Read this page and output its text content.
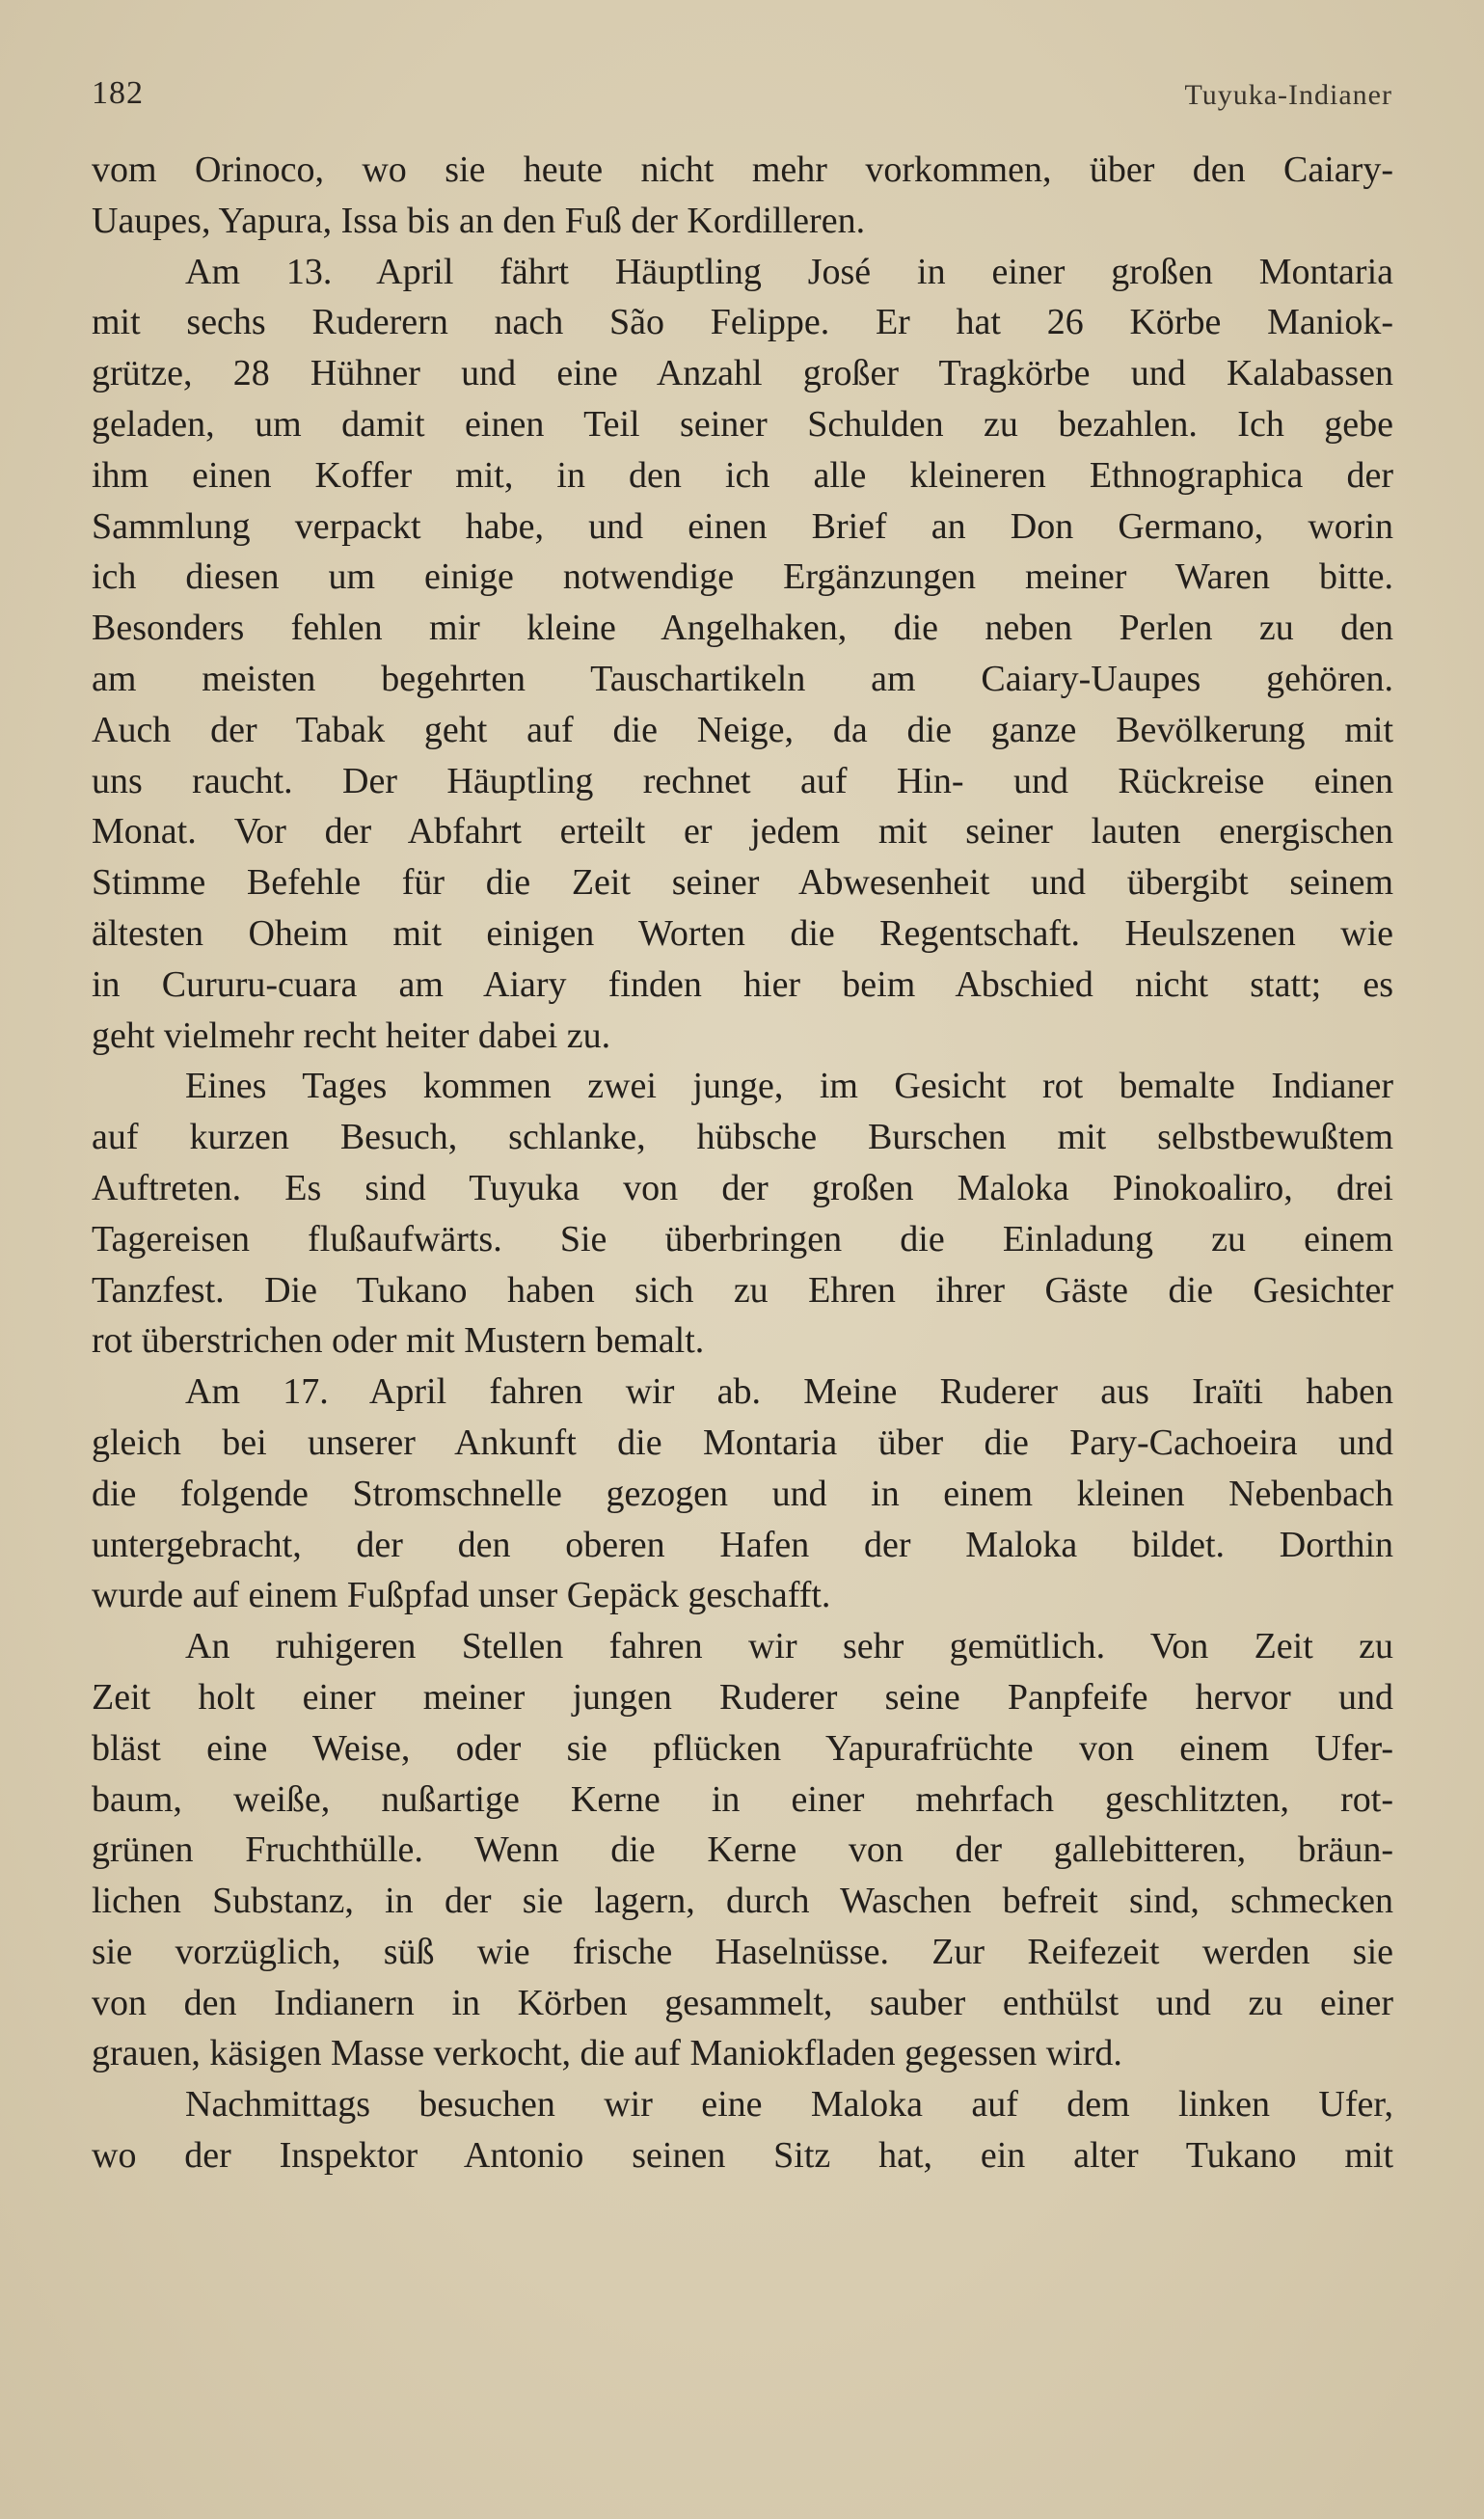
182	Tuyuka-Indianer
vom Orinoco, wo sie heute nicht mehr vorkommen, über den Caiary-
Uaupes, Yapura, Issa bis an den Fuß der Kordilleren.
Am 13. April fährt Häuptling José in einer großen Montaria
mit sechs Ruderern nach São Felippe. Er hat 26 Körbe Maniok-
grütze, 28 Hühner und eine Anzahl großer Tragkörbe und Kalabassen
geladen, um damit einen Teil seiner Schulden zu bezahlen. Ich gebe
ihm einen Koffer mit, in den ich alle kleineren Ethnographica der
Sammlung verpackt habe, und einen Brief an Don Germano, worin
ich diesen um einige notwendige Ergänzungen meiner Waren bitte.
Besonders fehlen mir kleine Angelhaken, die neben Perlen zu den
am meisten begehrten Tauschartikeln am Caiary-Uaupes gehören.
Auch der Tabak geht auf die Neige, da die ganze Bevölkerung mit
uns raucht. Der Häuptling rechnet auf Hin- und Rückreise einen
Monat. Vor der Abfahrt erteilt er jedem mit seiner lauten energischen
Stimme Befehle für die Zeit seiner Abwesenheit und übergibt seinem
ältesten Oheim mit einigen Worten die Regentschaft. Heulszenen wie
in Cururu-cuara am Aiary finden hier beim Abschied nicht statt; es
geht vielmehr recht heiter dabei zu.
Eines Tages kommen zwei junge, im Gesicht rot bemalte Indianer
auf kurzen Besuch, schlanke, hübsche Burschen mit selbstbewußtem
Auftreten. Es sind Tuyuka von der großen Maloka Pinokoaliro, drei
Tagereisen flußaufwärts. Sie überbringen die Einladung zu einem
Tanzfest. Die Tukano haben sich zu Ehren ihrer Gäste die Gesichter
rot überstrichen oder mit Mustern bemalt.
Am 17. April fahren wir ab. Meine Ruderer aus Iraïti haben
gleich bei unserer Ankunft die Montaria über die Pary-Cachoeira und
die folgende Stromschnelle gezogen und in einem kleinen Nebenbach
untergebracht, der den oberen Hafen der Maloka bildet. Dorthin
wurde auf einem Fußpfad unser Gepäck geschafft.
An ruhigeren Stellen fahren wir sehr gemütlich. Von Zeit zu
Zeit holt einer meiner jungen Ruderer seine Panpfeife hervor und
bläst eine Weise, oder sie pflücken Yapurafrüchte von einem Ufer-
baum, weiße, nußartige Kerne in einer mehrfach geschlitzten, rot-
grünen Fruchthülle. Wenn die Kerne von der gallebitteren, bräun-
lichen Substanz, in der sie lagern, durch Waschen befreit sind, schmecken
sie vorzüglich, süß wie frische Haselnüsse. Zur Reifezeit werden sie
von den Indianern in Körben gesammelt, sauber enthülst und zu einer
grauen, käsigen Masse verkocht, die auf Maniokfladen gegessen wird.
Nachmittags besuchen wir eine Maloka auf dem linken Ufer,
wo der Inspektor Antonio seinen Sitz hat, ein alter Tukano mit
